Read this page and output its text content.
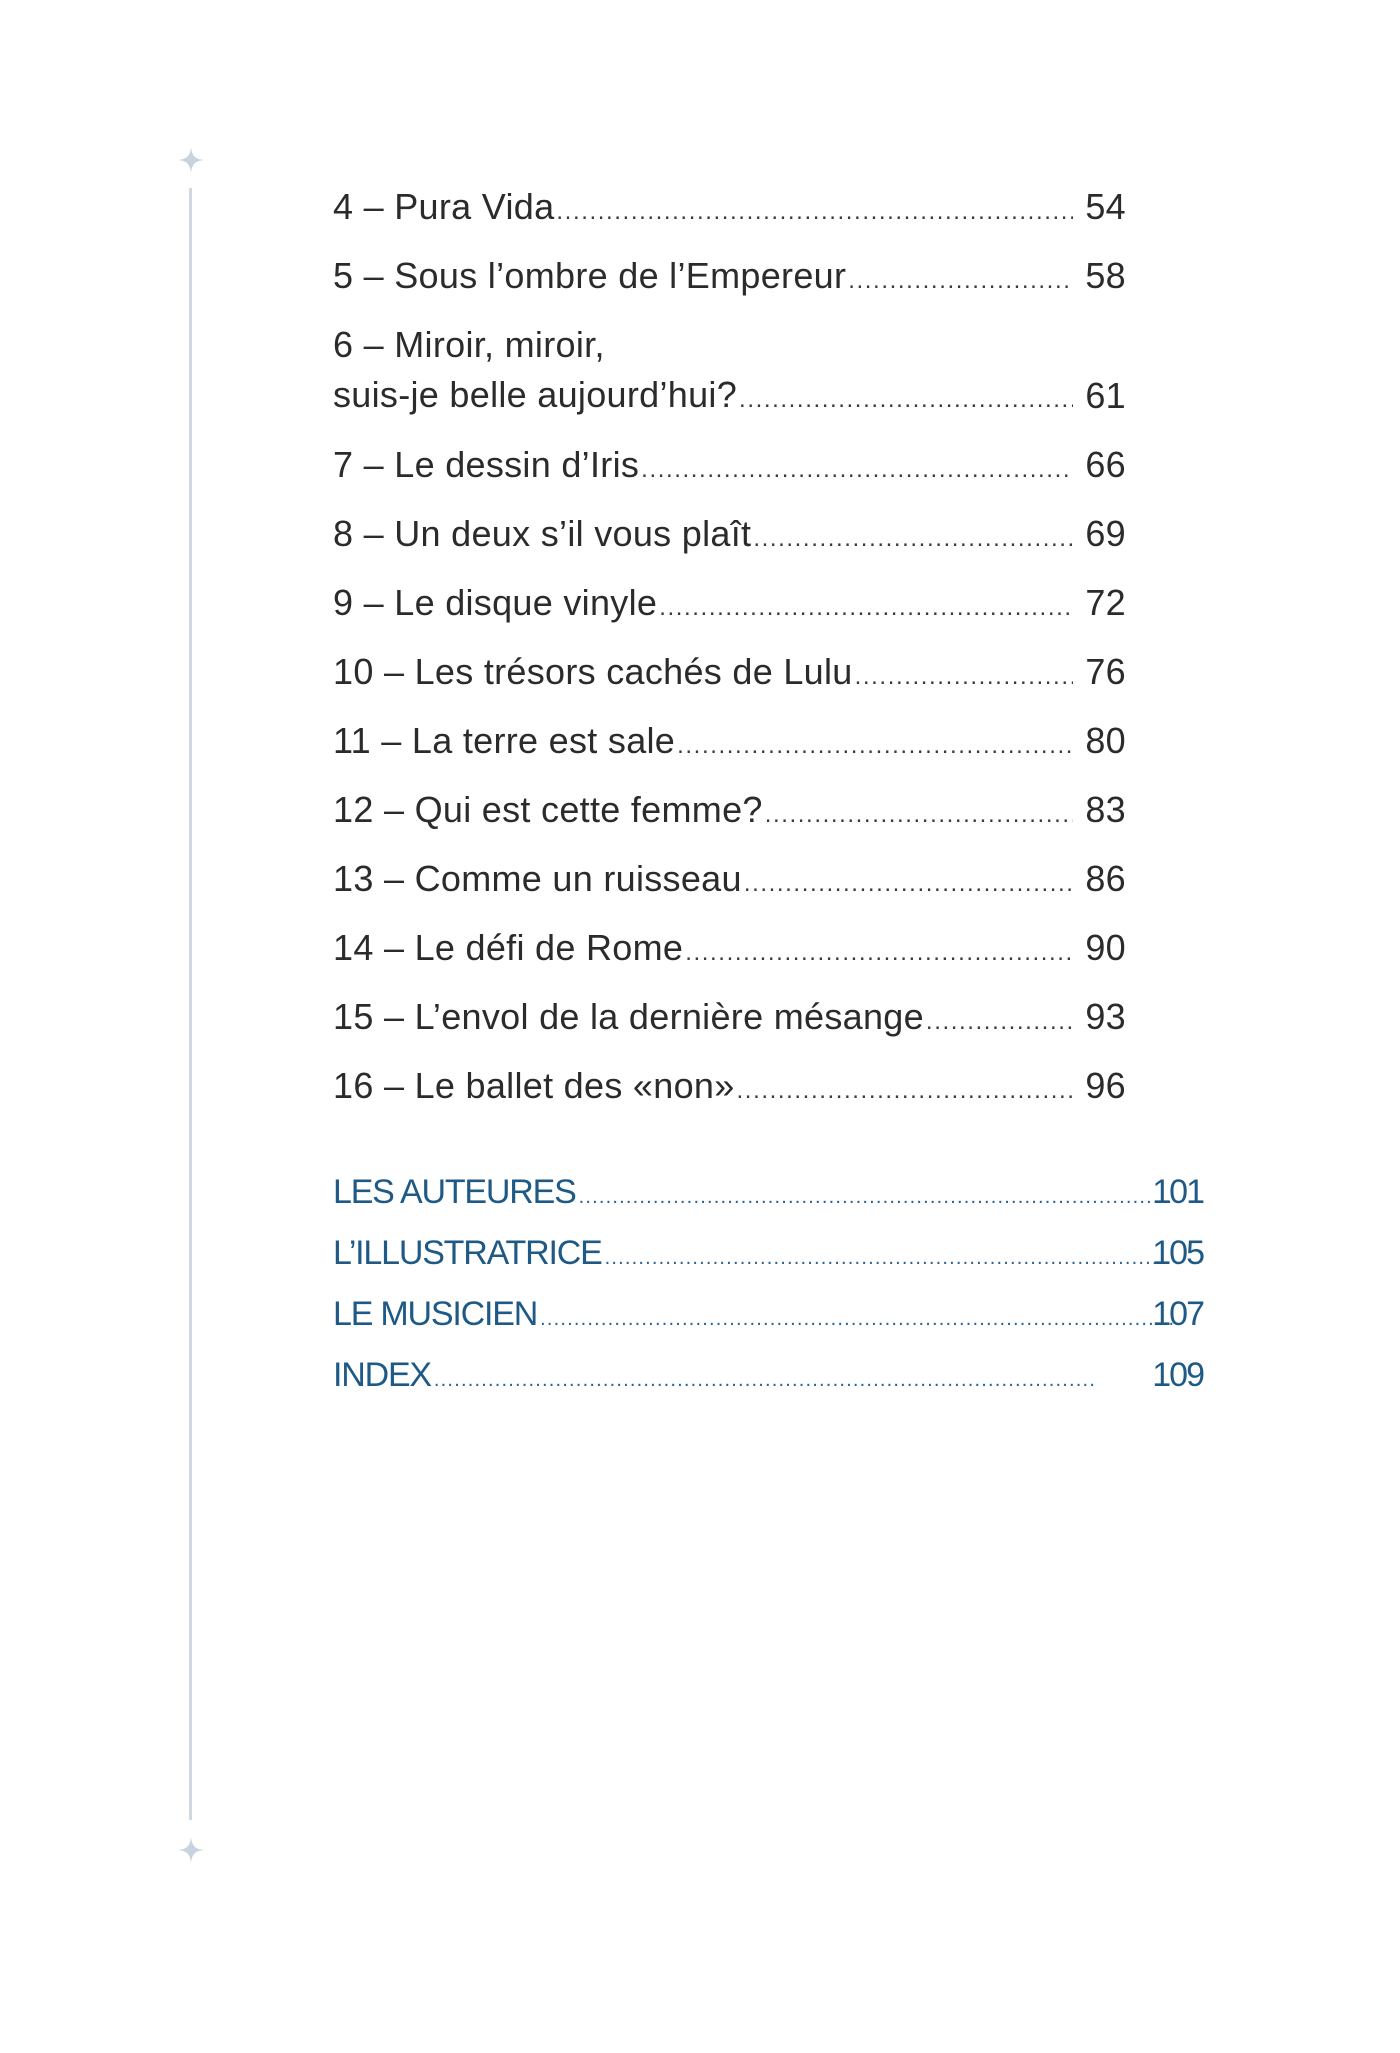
4 – Pura Vida .....	54
5 – Sous l’ombre de l’Empereur .....	58
6 – Miroir, miroir,
suis-je belle aujourd’hui? .....	61
7 – Le dessin d’Iris .....	66
8 – Un deux s’il vous plaît .....	69
9 – Le disque vinyle .....	72
10 – Les trésors cachés de Lulu .....	76
11 – La terre est sale .....	80
12 – Qui est cette femme? .....	83
13 – Comme un ruisseau .....	86
14 – Le défi de Rome .....	90
15 – L’envol de la dernière mésange .....	93
16 – Le ballet des «non» .....	96
LES AUTEURES .....	101
L’ILLUSTRATRICE .....	105
LE MUSICIEN .....	107
INDEX .....	109
